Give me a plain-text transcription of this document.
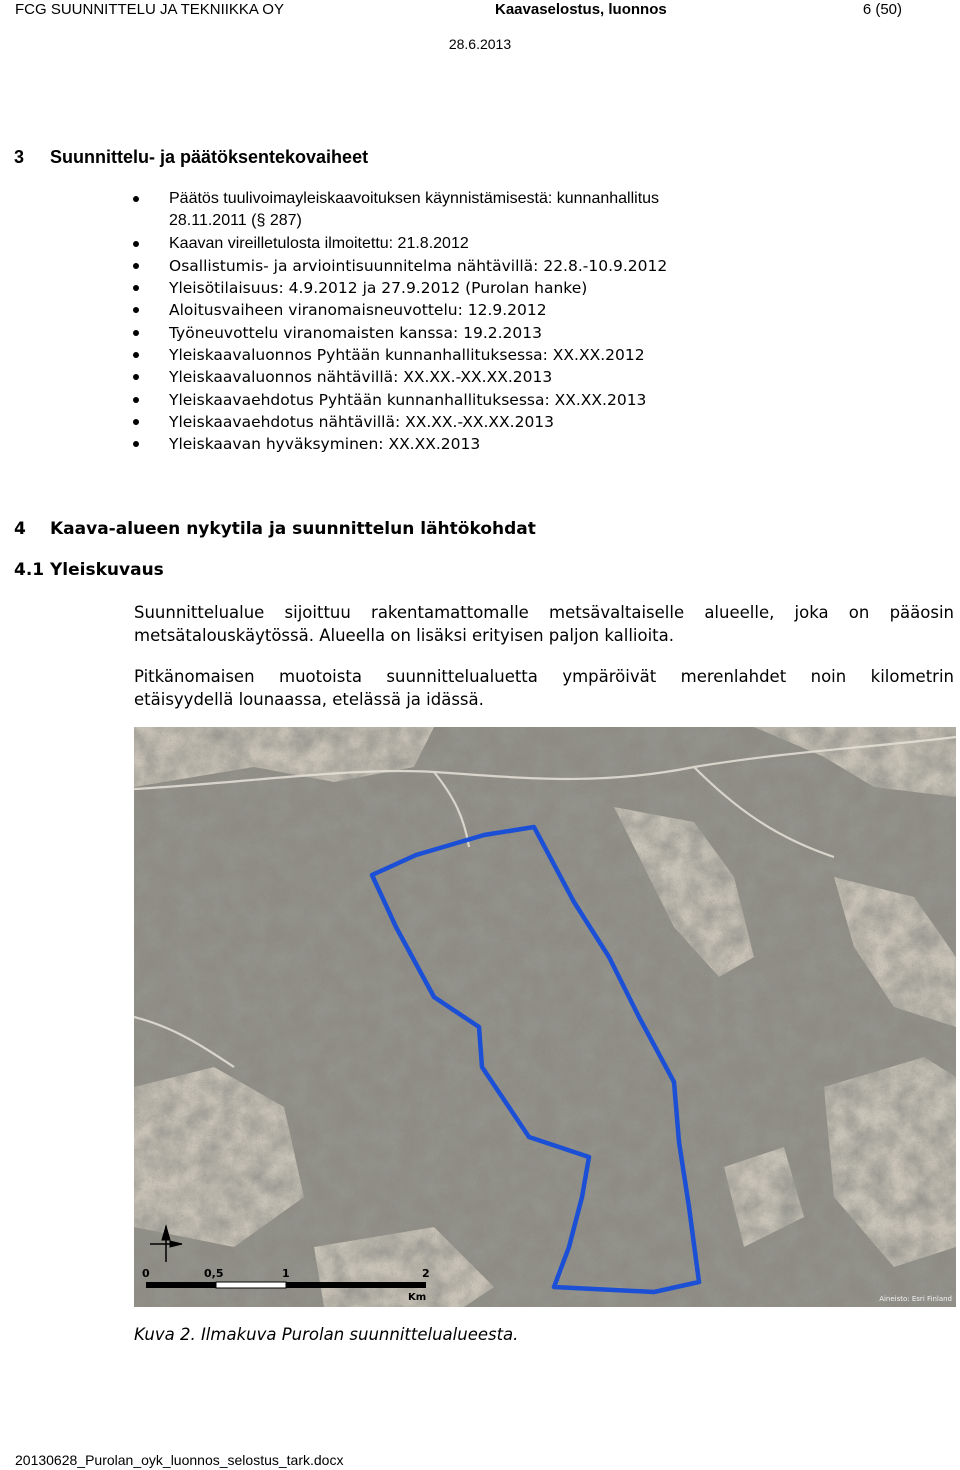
FCG SUUNNITTELU JA TEKNIIKKA OY	Kaavaselostus, luonnos	6 (50)
28.6.2013
3 Suunnittelu- ja päätöksentekovaiheet
Päätös tuulivoimayleiskaavoituksen käynnistämisestä: kunnanhallitus
28.11.2011 (§ 287)
Kaavan vireilletulosta ilmoitettu: 21.8.2012
Osallistumis- ja arviointisuunnitelma nähtävillä: 22.8.-10.9.2012
Yleisötilaisuus: 4.9.2012 ja 27.9.2012 (Purolan hanke)
Aloitusvaiheen viranomaisneuvottelu: 12.9.2012
Työneuvottelu viranomaisten kanssa: 19.2.2013
Yleiskaavaluonnos Pyhtään kunnanhallituksessa: XX.XX.2012
Yleiskaavaluonnos nähtävillä: XX.XX.-XX.XX.2013
Yleiskaavaehdotus Pyhtään kunnanhallituksessa: XX.XX.2013
Yleiskaavaehdotus nähtävillä: XX.XX.-XX.XX.2013
Yleiskaavan hyväksyminen: XX.XX.2013
4 Kaava-alueen nykytila ja suunnittelun lähtökohdat
4.1 Yleiskuvaus
Suunnittelualue sijoittuu rakentamattomalle metsävaltaiselle alueelle, joka on pääosin
metsätalouskäytössä. Alueella on lisäksi erityisen paljon kallioita.
Pitkänomaisen muotoista suunnittelualuetta ympäröivät merenlahdet noin kilometrin
etäisyydellä lounaassa, etelässä ja idässä.
0	0,5	1	2
Km	Aineisto: Esri Finland
Kuva 2. Ilmakuva Purolan suunnittelualueesta.
20130628_Purolan_oyk_luonnos_selostus_tark.docx
